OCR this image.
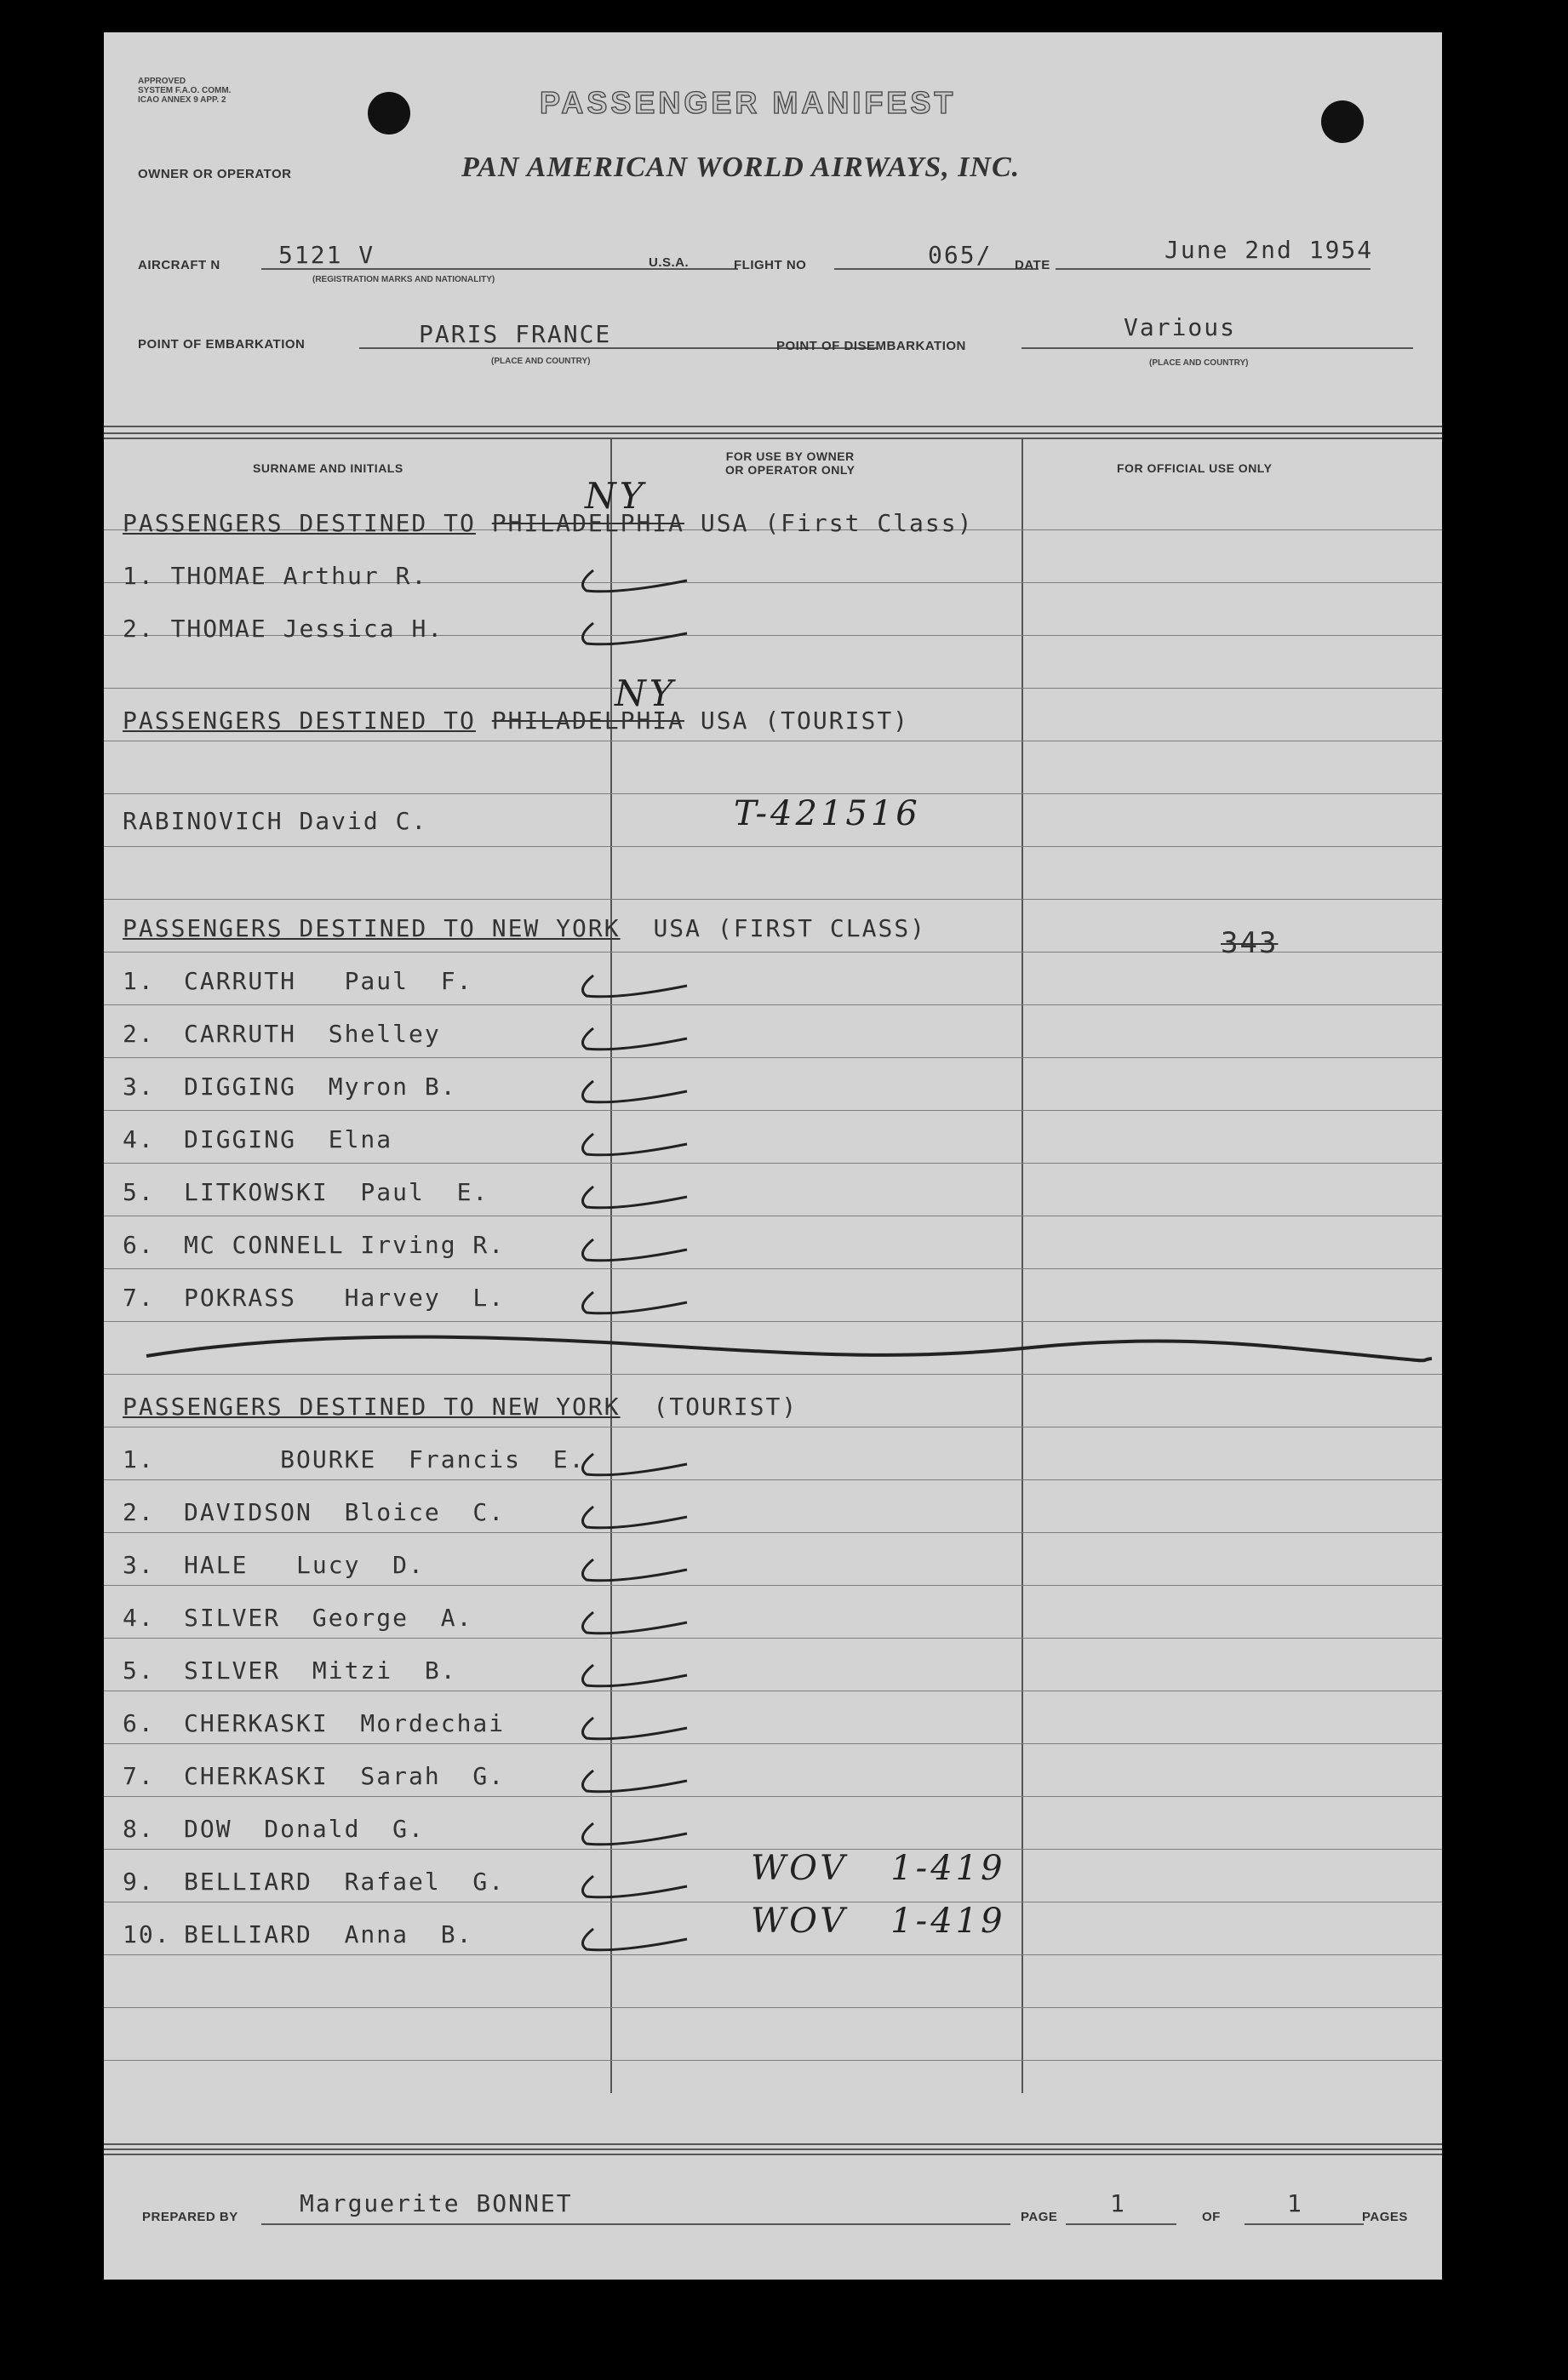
APPROVED
SYSTEM F.A.O. COMM.
ICAO ANNEX 9 APP. 2	PASSENGER MANIFEST
OWNER OR OPERATOR	PAN AMERICAN WORLD AIRWAYS, INC.
AIRCRAFT N 5121 V
(REGISTRATION MARKS AND NATIONALITY)
U.S.A.	FLIGHT NO	065/ DATE
June 2nd 1954
POINT OF EMBARKATION	PARIS FRANCE
(PLACE AND COUNTRY)
POINT OF DISEMBARKATION
Various
(PLACE AND COUNTRY)
SURNAME AND INITIALS
FOR USE BY OWNER
OR OPERATOR ONLY	FOR OFFICIAL USE ONLY
PASSENGERS DESTINED TO PHILADELPHIA USA (First Class)
NY
1. THOMAE Arthur R.
2. THOMAE Jessica H.
PASSENGERS DESTINED TO PHILADELPHIA USA (TOURIST)
NY
RABINOVICH David C.	T-421516
PASSENGERS DESTINED TO NEW YORK USA (FIRST CLASS)	343
1. CARRUTH   Paul  F.
2. CARRUTH  Shelley
3. DIGGING  Myron B.
4. DIGGING  Elna
5. LITKOWSKI  Paul  E.
6. MC CONNELL Irving R.
7. POKRASS   Harvey  L.
PASSENGERS DESTINED TO NEW YORK (TOURIST)
1.      BOURKE  Francis  E.
2. DAVIDSON  Bloice  C.
3. HALE   Lucy  D.
4. SILVER  George  A.
5. SILVER  Mitzi  B.
6. CHERKASKI  Mordechai
7. CHERKASKI  Sarah  G.
8. DOW  Donald  G.
9. BELLIARD  Rafael  G.	WOV   1-419
10. BELLIARD  Anna  B.	WOV   1-419
PREPARED BY	Marguerite BONNET	PAGE 1	OF	1	PAGES
